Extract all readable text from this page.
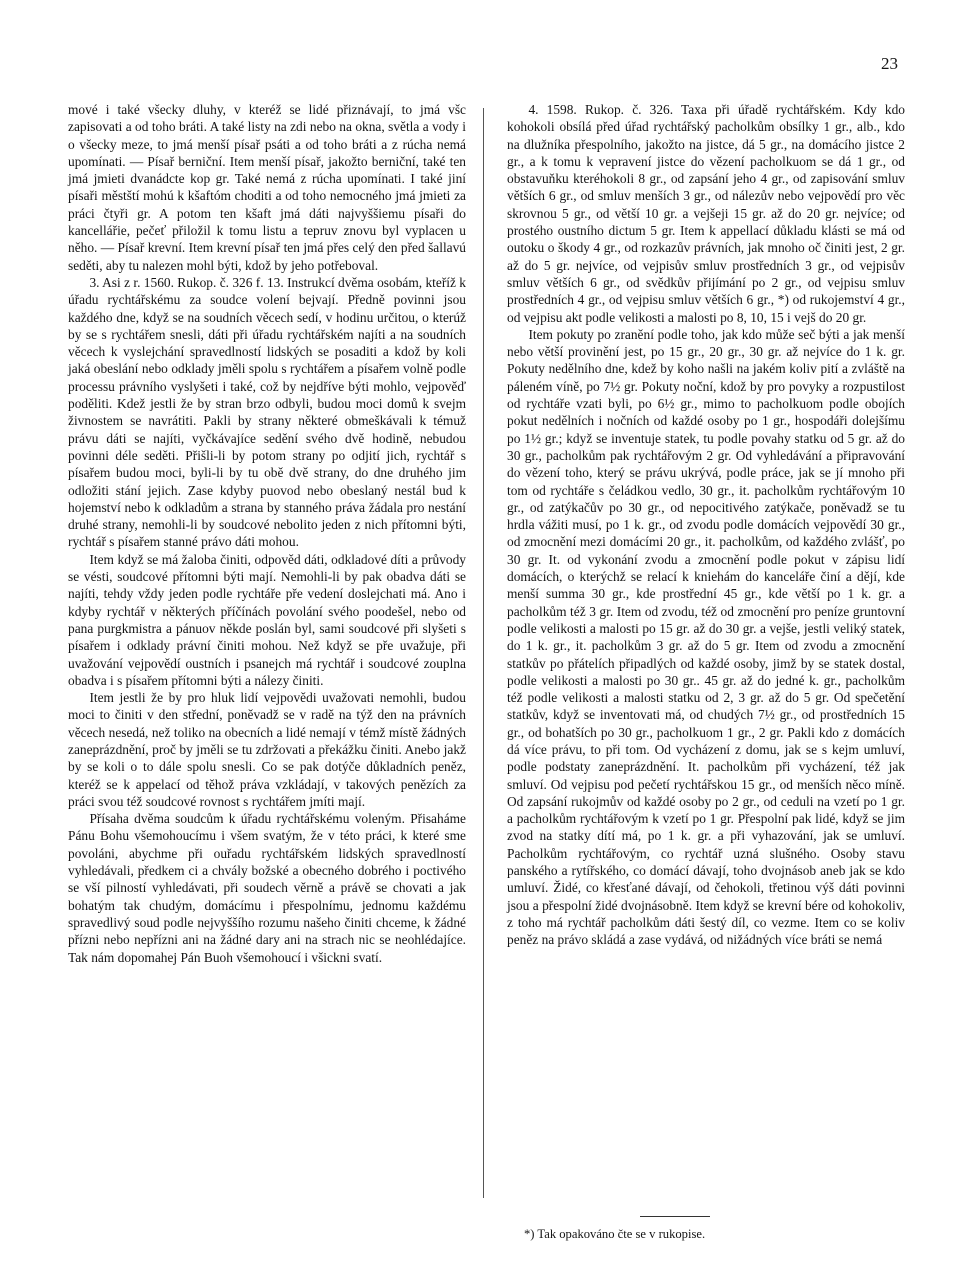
23

mové i také všecky dluhy, v kteréž se lidé přiznávají, to jmá všc zapisovati a od toho bráti. A také listy na zdi nebo na okna, světla a vody i o všecky meze, to jmá menší písař psáti a od toho bráti a z rúcha nemá upomínati. — Písař berniční. Item menší písař, jakožto berniční, také ten jmá jmieti dvanádcte kop gr. Také nemá z rúcha upomínati. I také jiní písaři městští mohú k kšaftóm choditi a od toho nemocného jmá jmieti za práci čtyři gr. A potom ten kšaft jmá dáti najvyššiemu písaři do kancellářie, pečeť přiložil k tomu listu a tepruv znovu byl vyplacen u něho. — Písař krevní. Item krevní písař ten jmá přes celý den před šallavú seděti, aby tu nalezen mohl býti, kdož by jeho potřeboval.

3. Asi z r. 1560. Rukop. č. 326 f. 13. Instrukcí dvěma osobám, kteříž k úřadu rychtářskému za soudce volení bejvají. Předně povinni jsou každého dne, když se na soudních věcech sedí, v hodinu určitou, o kterúž by se s rychtářem snesli, dáti při úřadu rychtářském najíti a na soudních věcech k vyslejchání spravedlností lidských se posaditi a kdož by koli jaká obeslání nebo odklady jměli spolu s rychtářem a písařem volně podle processu právního vyslyšeti i také, což by nejdříve býti mohlo, vejpověď poděliti. Kdež jestli že by stran brzo odbyli, budou moci domů k svejm živnostem se navrátiti. Pakli by strany některé obmeškávali k témuž právu dáti se najíti, vyčkávajíce sedění svého dvě hodině, nebudou povinni déle seděti. Přišli-li by potom strany po odjití jich, rychtář s písařem budou moci, byli-li by tu obě dvě strany, do dne druhého jim odložiti stání jejich. Zase kdyby puovod nebo obeslaný nestál bud k hojemství nebo k odkladům a strana by stanného práva žádala pro nestání druhé strany, nemohli-li by soudcové nebolito jeden z nich přítomni býti, rychtář s písařem stanné právo dáti mohou.

Item když se má žaloba činiti, odpověd dáti, odkladové díti a průvody se vésti, soudcové přítomni býti mají. Nemohli-li by pak obadva dáti se najíti, tehdy vždy jeden podle rychtáře pře vedení doslejchati má. Ano i kdyby rychtář v některých příčínách povolání svého poodešel, nebo od pana purgkmistra a pánuov někde poslán byl, sami soudcové při slyšeti s písařem i odklady právní činiti mohou. Než když se pře uvažuje, při uvažování vejpovědí oustních i psanejch má rychtář i soudcové zouplna obadva i s písařem přítomni býti a nálezy činiti.

Item jestli že by pro hluk lidí vejpovědi uvažovati nemohli, budou moci to činiti v den střední, poněvadž se v radě na týž den na právních věcech nesedá, než toliko na obecních a lidé nemají v témž místě žádných zaneprázdnění, proč by jměli se tu zdržovati a překážku činiti. Anebo jakž by se koli o to dále spolu snesli. Co se pak dotýče důkladních peněz, kteréž se k appelací od těhož práva vzkládají, v takových penězích za práci svou též soudcové rovnost s rychtářem jmíti mají.

Přísaha dvěma soudcům k úřadu rychtářskému voleným. Přisaháme Pánu Bohu všemohoucímu i všem svatým, že v této práci, k které sme povoláni, abychme při ouřadu rychtářském lidských spravedlností vyhledávali, předkem ci a chvály božské a obecného dobrého i poctivého se vší pilností vyhledávati, při soudech věrně a právě se chovati a jak bohatým tak chudým, domácímu i přespolnímu, jednomu každému spravedlivý soud podle nejvyššího rozumu našeho činiti chceme, k žádné přízni nebo nepřízni ani na žádné dary ani na strach nic se neohlédajíce. Tak nám dopomahej Pán Buoh všemohoucí i všickni svatí.

4. 1598. Rukop. č. 326. Taxa při úřadě rychtářském. Kdy kdo kohokoli obsílá před úřad rychtářský pacholkům obsílky 1 gr., alb., kdo na dlužníka přespolního, jakožto na jistce, dá 5 gr., na domácího jistce 2 gr., a k tomu k vepravení jistce do vězení pacholkuom se dá 1 gr., od obstavuňku kteréhokoli 8 gr., od zapsání jeho 4 gr., od zapisování smluv větších 6 gr., od smluv menších 3 gr., od nálezův nebo vejpovědí pro věc skrovnou 5 gr., od větší 10 gr. a vejšeji 15 gr. až do 20 gr. nejvíce; od prostého oustního dictum 5 gr. Item k appellací důkladu klásti se má od outoku o škody 4 gr., od rozkazův právních, jak mnoho oč činiti jest, 2 gr. až do 5 gr. nejvíce, od vejpisův smluv prostředních 3 gr., od vejpisův smluv větších 6 gr., od svědkův přijímání po 2 gr., od vejpisu smluv prostředních 4 gr., od vejpisu smluv větších 6 gr., *) od rukojemství 4 gr., od vejpisu akt podle velikosti a malosti po 8, 10, 15 i vejš do 20 gr.

Item pokuty po zranění podle toho, jak kdo může seč býti a jak menší nebo větší provinění jest, po 15 gr., 20 gr., 30 gr. až nejvíce do 1 k. gr. Pokuty nedělního dne, kdež by koho našli na jakém koliv pití a zvláště na páleném víně, po 7½ gr. Pokuty noční, kdož by pro povyky a rozpustilost od rychtáře vzati byli, po 6½ gr., mimo to pacholkuom podle obojích pokut nedělních i nočních od každé osoby po 1 gr., hospodáři dolejšímu po 1½ gr.; když se inventuje statek, tu podle povahy statku od 5 gr. až do 30 gr., pacholkům pak rychtářovým 2 gr. Od vyhledávání a připravování do vězení toho, který se právu ukrývá, podle práce, jak se jí mnoho při tom od rychtáře s čeládkou vedlo, 30 gr., it. pacholkům rychtářovým 10 gr., od zatýkačův po 30 gr., od nepocitivého zatýkače, poněvadž se tu hrdla vážiti musí, po 1 k. gr., od zvodu podle domácích vejpovědí 30 gr., od zmocnění mezi domácími 20 gr., it. pacholkům, od každého zvlášť, po 30 gr. It. od vykonání zvodu a zmocnění podle pokut v zápisu lidí domácích, o kterýchž se relací k kniehám do kanceláře činí a dějí, kde menší summa 30 gr., kde prostřední 45 gr., kde větší po 1 k. gr. a pacholkům též 3 gr. Item od zvodu, též od zmocnění pro peníze gruntovní podle velikosti a malosti po 15 gr. až do 30 gr. a vejše, jestli veliký statek, do 1 k. gr., it. pacholkům 3 gr. až do 5 gr. Item od zvodu a zmocnění statkův po přátelích připadlých od každé osoby, jimž by se statek dostal, podle velikosti a malosti po 30 gr.. 45 gr. až do jedné k. gr., pacholkům též podle velikosti a malosti statku od 2, 3 gr. až do 5 gr. Od spečetění statkův, když se inventovati má, od chudých 7½ gr., od prostředních 15 gr., od bohatších po 30 gr., pacholkuom 1 gr., 2 gr. Pakli kdo z domácích dá více právu, to při tom. Od vycházení z domu, jak se s kejm umluví, podle podstaty zaneprázdnění. It. pacholkům při vycházení, též jak smluví. Od vejpisu pod pečetí rychtářskou 15 gr., od menších něco míně. Od zapsání rukojmův od každé osoby po 2 gr., od ceduli na vzetí po 1 gr. a pacholkům rychtářovým k vzetí po 1 gr. Přespolní pak lidé, když se jim zvod na statky dítí má, po 1 k. gr. a při vyhazování, jak se umluví. Pacholkům rychtářovým, co rychtář uzná slušného. Osoby stavu panského a rytířského, co domácí dávají, toho dvojnásob aneb jak se kdo umluví. Židé, co křesťané dávají, od čehokoli, třetinou výš dáti povinni jsou a přespolní židé dvojnásobně. Item když se krevní bére od kohokoliv, z toho má rychtář pacholkům dáti šestý díl, co vezme. Item co se koliv peněz na právo skládá a zase vydává, od nižádných více bráti se nemá

*) Tak opakováno čte se v rukopise.
